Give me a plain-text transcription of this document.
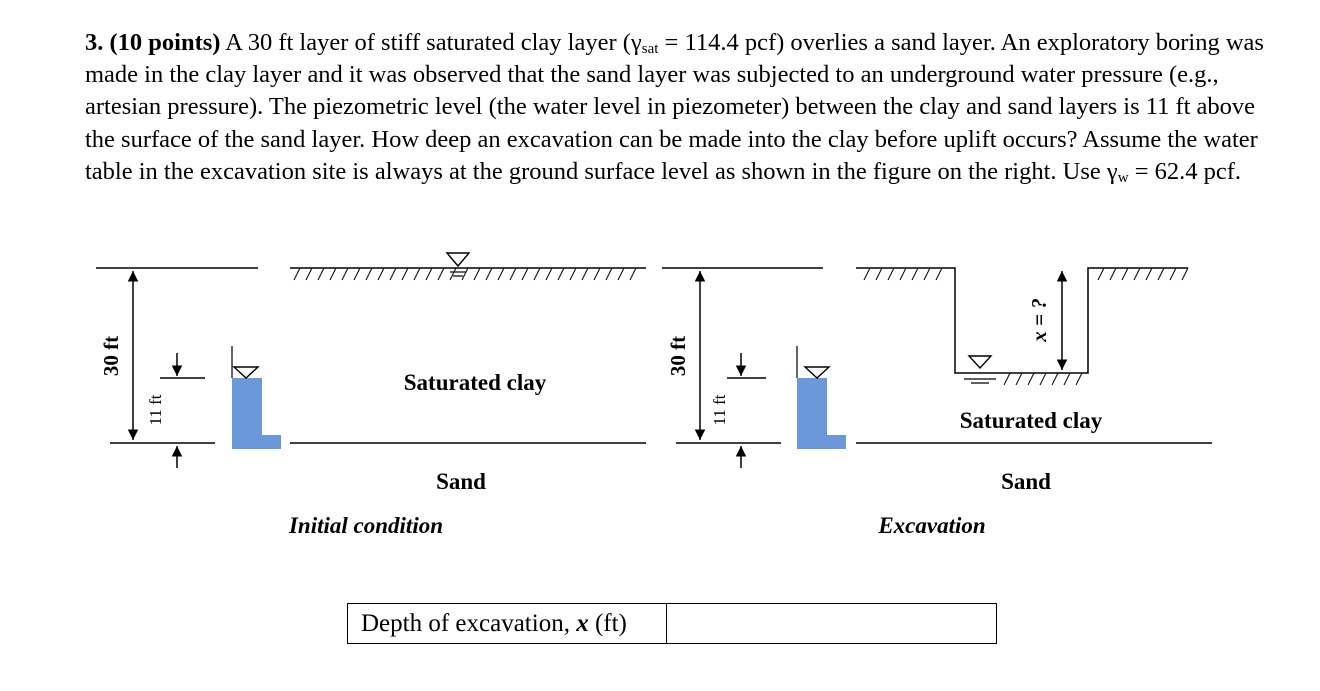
3. (10 points) A 30 ft layer of stiff saturated clay layer ($\gamma_{sat} = 114.4$ pcf) overlies a sand layer. An exploratory boring was made in the clay layer and it was observed that the sand layer was subjected to an underground water pressure (e.g., artesian pressure). The piezometric level (the water level in piezometer) between the clay and sand layers is 11 ft above the surface of the sand layer. How deep an excavation can be made into the clay before uplift occurs? Assume the water table in the excavation site is always at the ground surface level as shown in the figure on the right. Use $\gamma_w = 62.4$ pcf.

30 ft
11 ft
Saturated clay
Sand
Initial condition
30 ft
11 ft
x = ?
Saturated clay
Sand
Excavation
Depth of excavation, x (ft)	
